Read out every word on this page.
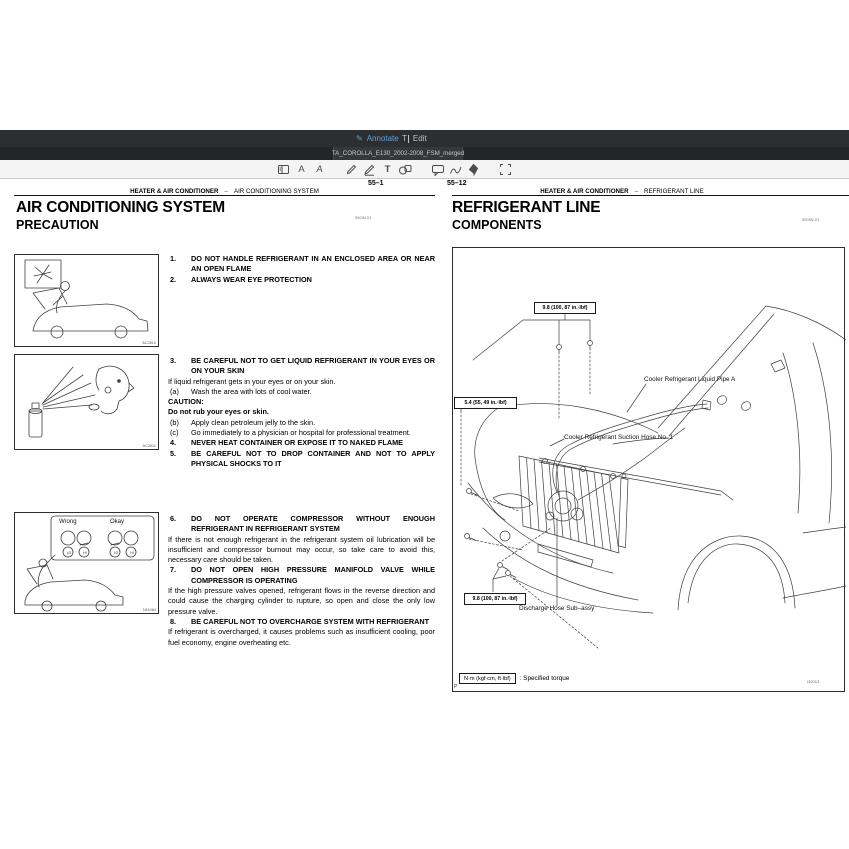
✎ Annotate T Edit
TA_COROLLA_E130_2002-2008_FSM_merged
A	A	T
55–1
HEATER & AIR CONDITIONER – AIR CONDITIONING SYSTEM
AIR CONDITIONING SYSTEM
550IN-01
PRECAUTION
AC2810
AC2811
Wrong	Okay
LO	HI	LO	HI
N11084
1.	DO NOT HANDLE REFRIGERANT IN AN ENCLOSED AREA OR NEAR AN OPEN FLAME
2.	ALWAYS WEAR EYE PROTECTION
3.	BE CAREFUL NOT TO GET LIQUID REFRIGERANT IN YOUR EYES OR ON YOUR SKIN
If liquid refrigerant gets in your eyes or on your skin.
(a)	Wash the area with lots of cool water.
CAUTION:
Do not rub your eyes or skin.
(b)	Apply clean petroleum jelly to the skin.
(c)	Go immediately to a physician or hospital for professional treatment.
4.	NEVER HEAT CONTAINER OR EXPOSE IT TO NAKED FLAME
5.	BE CAREFUL NOT TO DROP CONTAINER AND NOT TO APPLY PHYSICAL SHOCKS TO IT
6.	DO NOT OPERATE COMPRESSOR WITHOUT ENOUGH REFRIGERANT IN REFRIGERANT SYSTEM
If there is not enough refrigerant in the refrigerant system oil lubrication will be insufficient and compressor burnout may occur, so take care to avoid this, necessary care should be taken.
7.	DO NOT OPEN HIGH PRESSURE MANIFOLD VALVE WHILE COMPRESSOR IS OPERATING
If the high pressure valves opened, refrigerant flows in the reverse direction and could cause the charging cylinder to rupture, so open and close the only low pressure valve.
8.	BE CAREFUL NOT TO OVERCHARGE SYSTEM WITH REFRIGERANT
If refrigerant is overcharged, it causes problems such as insufficient cooling, poor fuel economy, engine overheating etc.
55–12
HEATER & AIR CONDITIONER – REFRIGERANT LINE
REFRIGERANT LINE
550IW-01
COMPONENTS
9.8 (100, 87 in.·lbf)
5.4 (55, 49 in.·lbf)
9.8 (100, 87 in.·lbf)
Cooler Refrigerant Liquid Pipe A
Cooler Refrigerant Suction Hose No. 1
Discharge Hose Sub–assy
N·m (kgf·cm, ft·lbf)	: Specified torque	I32013
P
